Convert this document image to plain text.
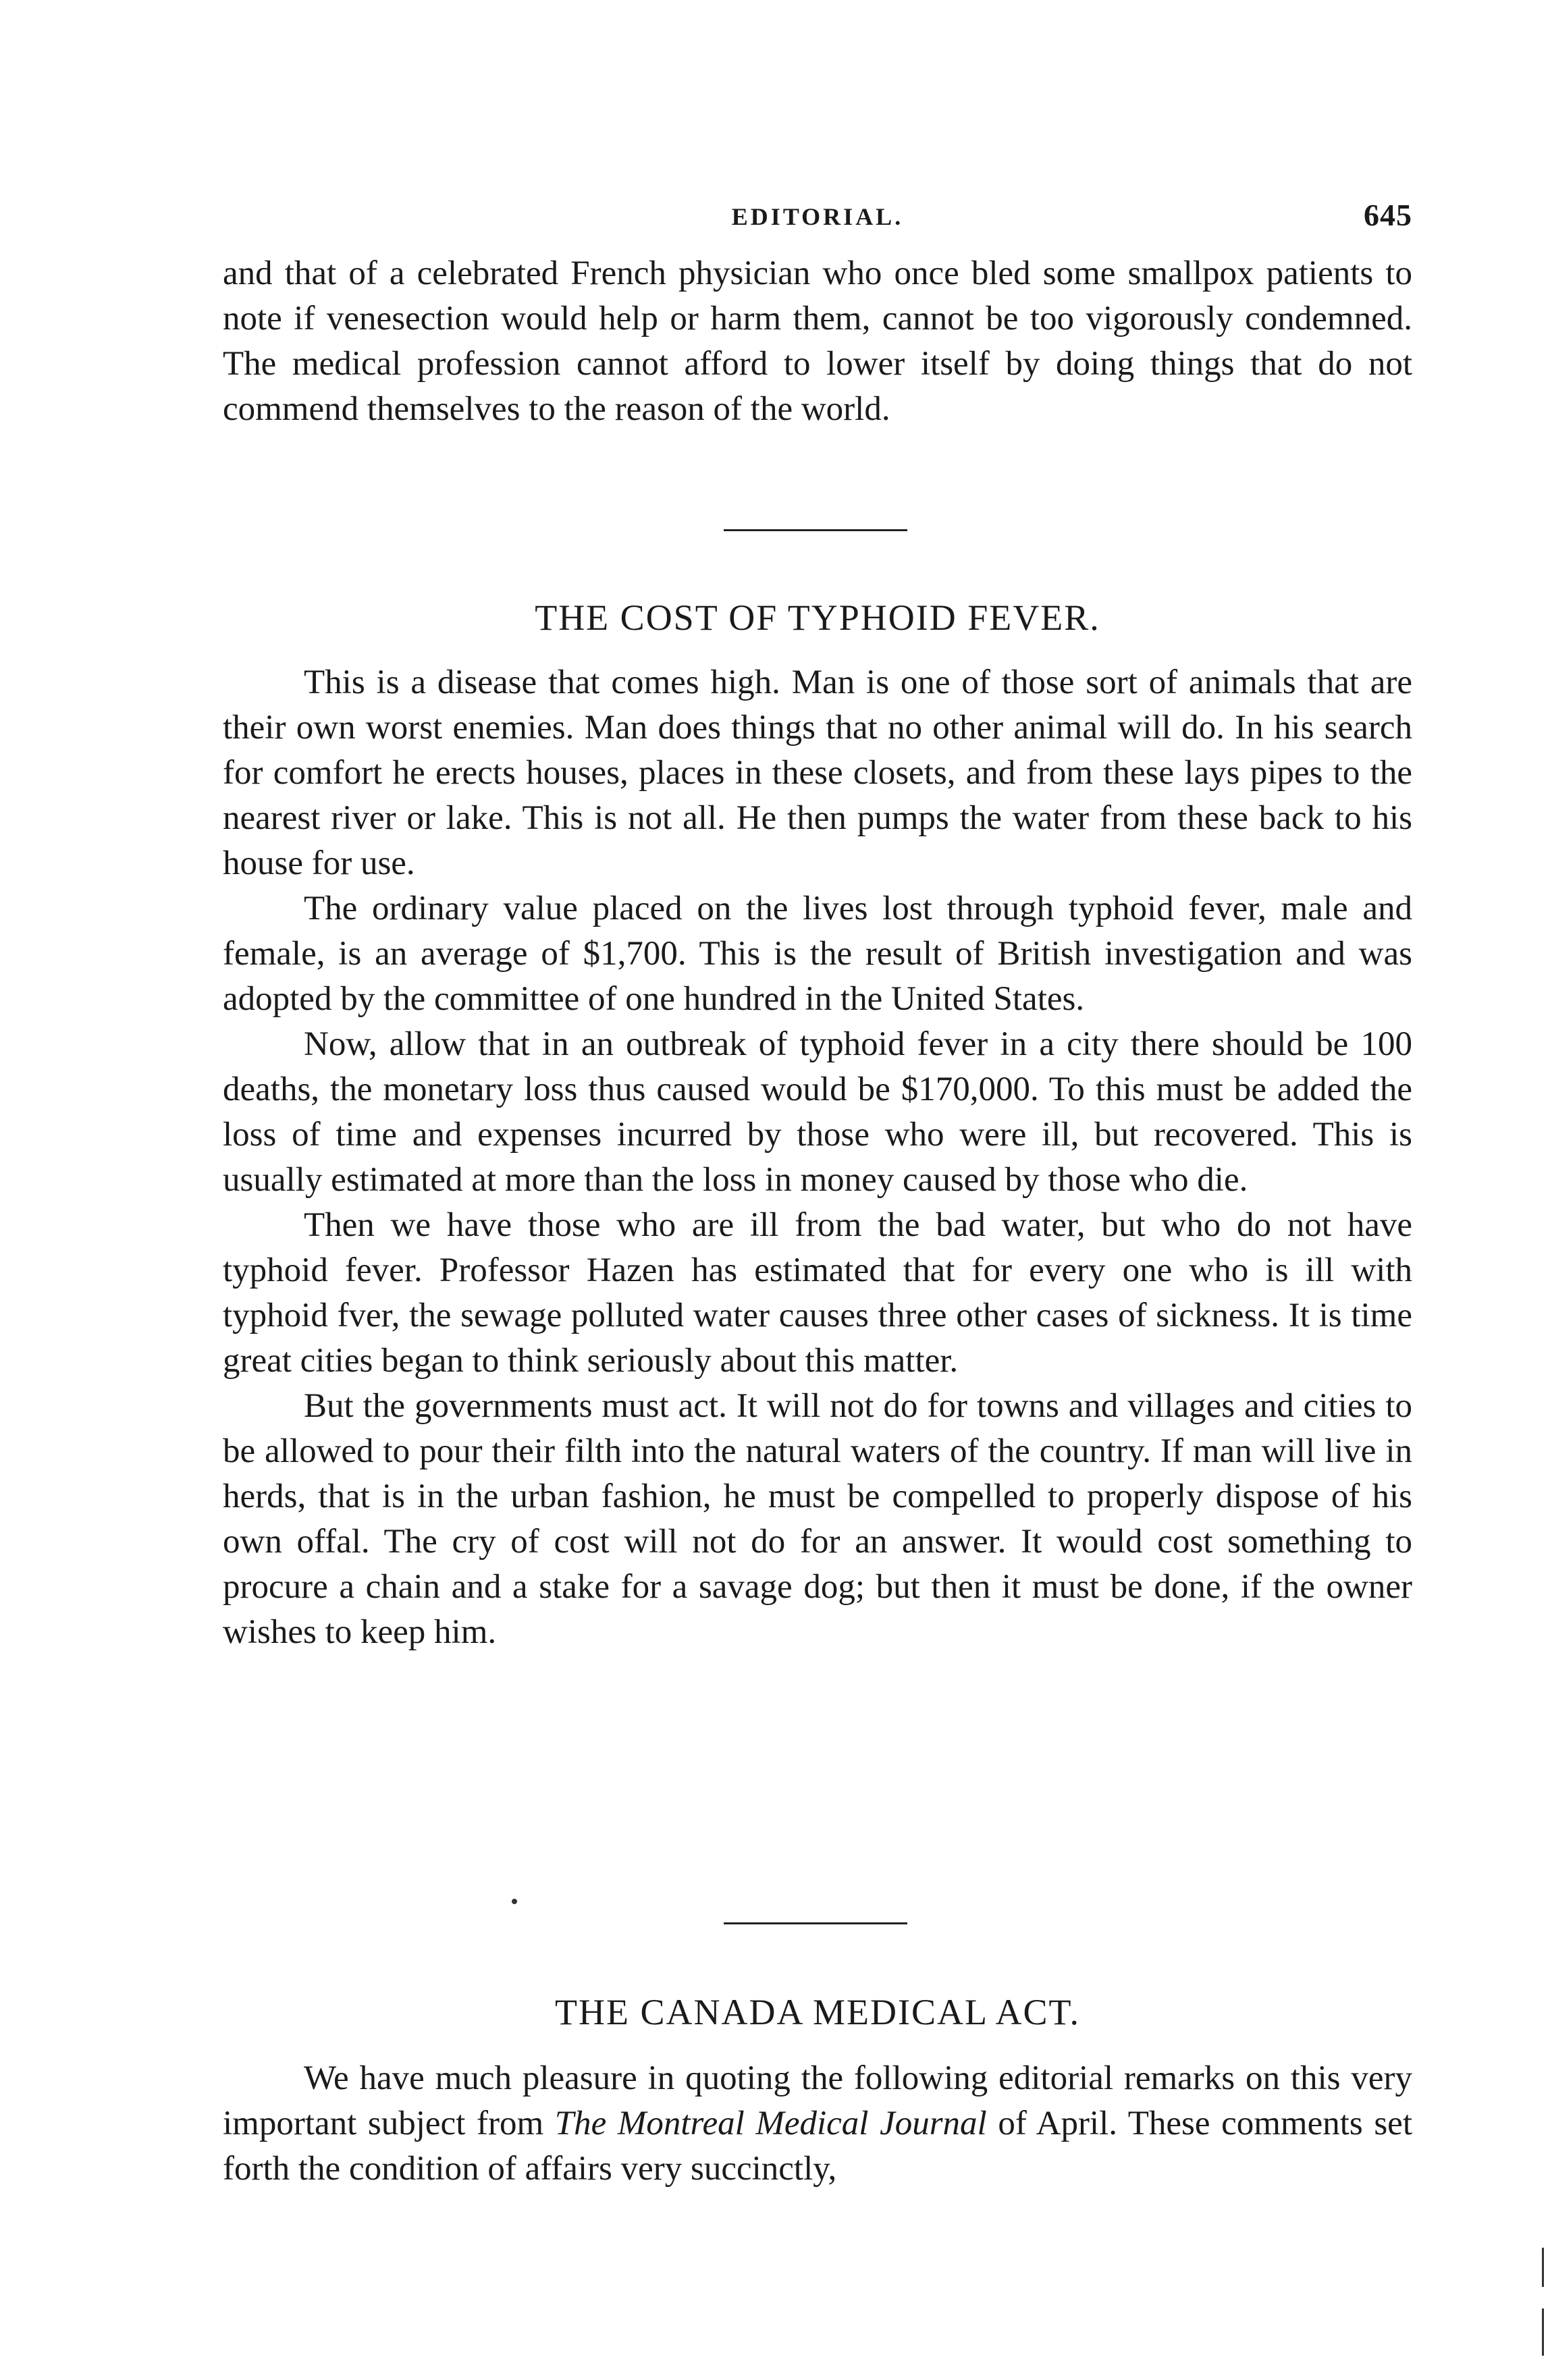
EDITORIAL.	645

and that of a celebrated French physician who once bled some smallpox patients to note if venesection would help or harm them, cannot be too vigorously condemned. The medical profession cannot afford to lower itself by doing things that do not commend themselves to the reason of the world.

THE COST OF TYPHOID FEVER.

This is a disease that comes high. Man is one of those sort of animals that are their own worst enemies. Man does things that no other animal will do. In his search for comfort he erects houses, places in these closets, and from these lays pipes to the nearest river or lake. This is not all. He then pumps the water from these back to his house for use.

The ordinary value placed on the lives lost through typhoid fever, male and female, is an average of $1,700. This is the result of British investigation and was adopted by the committee of one hundred in the United States.

Now, allow that in an outbreak of typhoid fever in a city there should be 100 deaths, the monetary loss thus caused would be $170,000. To this must be added the loss of time and expenses incurred by those who were ill, but recovered. This is usually estimated at more than the loss in money caused by those who die.

Then we have those who are ill from the bad water, but who do not have typhoid fever. Professor Hazen has estimated that for every one who is ill with typhoid fver, the sewage polluted water causes three other cases of sickness. It is time great cities began to think seriously about this matter.

But the governments must act. It will not do for towns and villages and cities to be allowed to pour their filth into the natural waters of the country. If man will live in herds, that is in the urban fashion, he must be compelled to properly dispose of his own offal. The cry of cost will not do for an answer. It would cost something to procure a chain and a stake for a savage dog; but then it must be done, if the owner wishes to keep him.

THE CANADA MEDICAL ACT.

We have much pleasure in quoting the following editorial remarks on this very important subject from The Montreal Medical Journal of April. These comments set forth the condition of affairs very succinctly,
